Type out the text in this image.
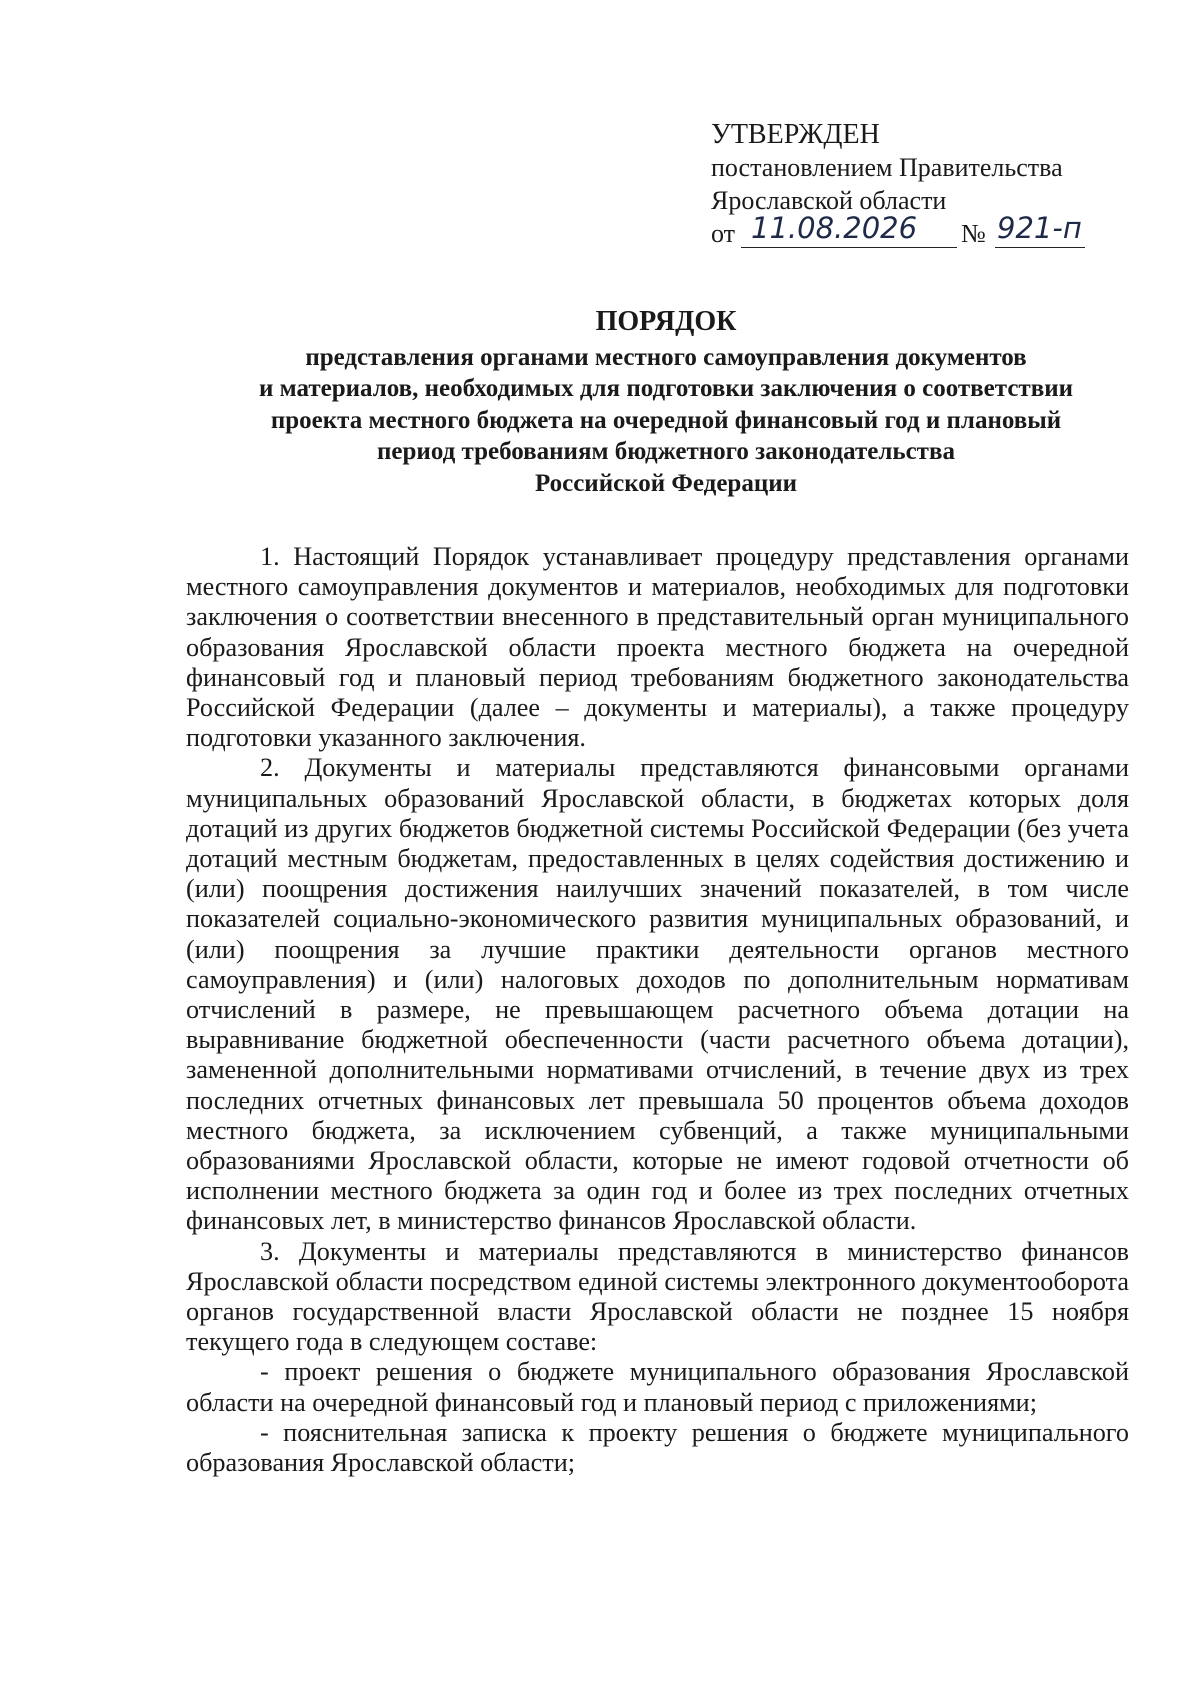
УТВЕРЖДЕН
постановлением Правительства
Ярославской области
от 11.08.2026 № 921-п
ПОРЯДОК
представления органами местного самоуправления документов
и материалов, необходимых для подготовки заключения о соответствии
проекта местного бюджета на очередной финансовый год и плановый
период требованиям бюджетного законодательства
Российской Федерации

1. Настоящий Порядок устанавливает процедуру представления органами местного самоуправления документов и материалов, необходимых для подготовки заключения о соответствии внесенного в представительный орган муниципального образования Ярославской области проекта местного бюджета на очередной финансовый год и плановый период требованиям бюджетного законодательства Российской Федерации (далее – документы и материалы), а также процедуру подготовки указанного заключения.

2. Документы и материалы представляются финансовыми органами муниципальных образований Ярославской области, в бюджетах которых доля дотаций из других бюджетов бюджетной системы Российской Федерации (без учета дотаций местным бюджетам, предоставленных в целях содействия достижению и (или) поощрения достижения наилучших значений показателей, в том числе показателей социально-экономического развития муниципальных образований, и (или) поощрения за лучшие практики деятельности органов местного самоуправления) и (или) налоговых доходов по дополнительным нормативам отчислений в размере, не превышающем расчетного объема дотации на выравнивание бюджетной обеспеченности (части расчетного объема дотации), замененной дополнительными нормативами отчислений, в течение двух из трех последних отчетных финансовых лет превышала 50 процентов объема доходов местного бюджета, за исключением субвенций, а также муниципальными образованиями Ярославской области, которые не имеют годовой отчетности об исполнении местного бюджета за один год и более из трех последних отчетных финансовых лет, в министерство финансов Ярославской области.

3. Документы и материалы представляются в министерство финансов Ярославской области посредством единой системы электронного документооборота органов государственной власти Ярославской области не позднее 15 ноября текущего года в следующем составе:

- проект решения о бюджете муниципального образования Ярославской области на очередной финансовый год и плановый период с приложениями;

- пояснительная записка к проекту решения о бюджете муниципального образования Ярославской области;
